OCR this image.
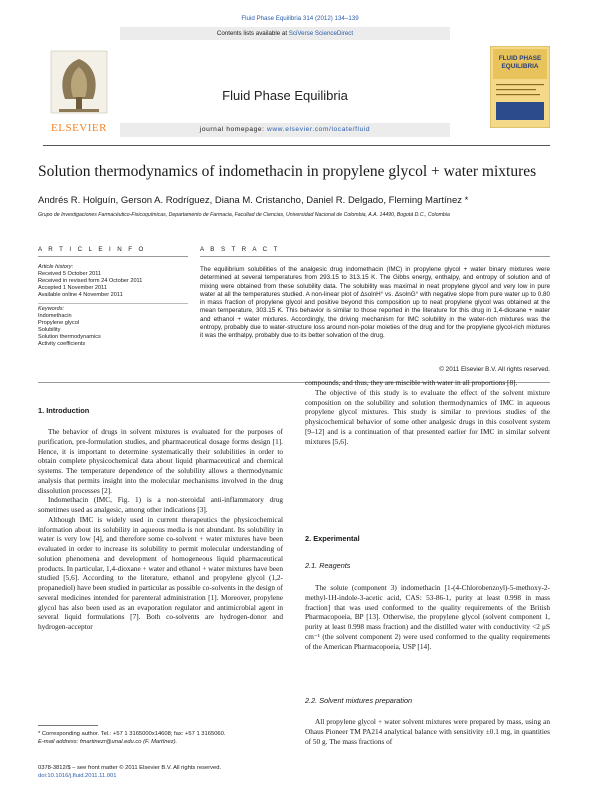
Fluid Phase Equilibria 314 (2012) 134–139
Contents lists available at SciVerse ScienceDirect
ELSEVIER
Fluid Phase Equilibria
journal homepage: www.elsevier.com/locate/fluid
FLUID PHASE
EQUILIBRIA
Solution thermodynamics of indomethacin in propylene glycol + water mixtures
Andrés R. Holguín, Gerson A. Rodríguez, Diana M. Cristancho, Daniel R. Delgado, Fleming Martínez *
Grupo de Investigaciones Farmacéutico-Fisicoquímicas, Departamento de Farmacia, Facultad de Ciencias, Universidad Nacional de Colombia, A.A. 14490, Bogotá D.C., Colombia
A R T I C L E I N F O	A B S T R A C T
Article history:
Received 5 October 2011
Received in revised form 24 October 2011
Accepted 1 November 2011
Available online 4 November 2011
Keywords:
Indomethacin
Propylene glycol
Solubility
Solution thermodynamics
Activity coefficients
The equilibrium solubilities of the analgesic drug indomethacin (IMC) in propylene glycol + water binary mixtures were determined at several temperatures from 293.15 to 313.15 K. The Gibbs energy, enthalpy, and entropy of solution and of mixing were obtained from these solubility data. The solubility was maximal in neat propylene glycol and very low in pure water at all the temperatures studied. A non-linear plot of ΔsolnH° vs. ΔsolnG° with negative slope from pure water up to 0.80 in mass fraction of propylene glycol and positive beyond this composition up to neat propylene glycol was obtained at the mean temperature, 303.15 K. This behavior is similar to those reported in the literature for this drug in 1,4-dioxane + water and ethanol + water mixtures. Accordingly, the driving mechanism for IMC solubility in the water-rich mixtures was the entropy, probably due to water-structure loss around non-polar moieties of the drug and for the propylene glycol-rich mixtures it was the enthalpy, probably due to its better solvation of the drug.
© 2011 Elsevier B.V. All rights reserved.
1. Introduction

The behavior of drugs in solvent mixtures is evaluated for the purposes of purification, pre-formulation studies, and pharmaceutical dosage forms design [1]. Hence, it is important to determine systematically their solubilities in order to obtain complete physicochemical data about liquid pharmaceutical and chemical systems. The temperature dependence of the solubility allows a thermodynamic analysis that permits insight into the molecular mechanisms involved in the drug dissolution processes [2].

Indomethacin (IMC, Fig. 1) is a non-steroidal anti-inflammatory drug sometimes used as analgesic, among other indications [3].

Although IMC is widely used in current therapeutics the physicochemical information about its solubility in aqueous media is not abundant. Its solubility in water is very low [4], and therefore some co-solvent + water mixtures have been evaluated in order to increase its solubility to permit molecular understanding of solution phenomena and development of homogeneous liquid pharmaceutical products. In particular, 1,4-dioxane + water and ethanol + water mixtures have been studied [5,6]. According to the literature, ethanol and propylene glycol (1,2-propanediol) have been studied in particular as possible co-solvents in the design of several medicines intended for parenteral administration [1]. Moreover, propylene glycol has also been used as an evaporation regulator and antimicrobial agent in several liquid formulations [7]. Both co-solvents are hydrogen-donor and hydrogen-acceptor

compounds, and thus, they are miscible with water in all proportions [8].

The objective of this study is to evaluate the effect of the solvent mixture composition on the solubility and solution thermodynamics of IMC in aqueous propylene glycol mixtures. This study is similar to previous studies of the physicochemical behavior of some other analgesic drugs in this cosolvent system [9–12] and is a continuation of that presented earlier for IMC in similar solvent mixtures [5,6].

2. Experimental
2.1. Reagents

The solute (component 3) indomethacin [1-(4-Chlorobenzoyl)-5-methoxy-2-methyl-1H-indole-3-acetic acid, CAS: 53-86-1, purity at least 0.998 in mass fraction] that was used conformed to the quality requirements of the British Pharmacopoeia, BP [13]. Otherwise, the propylene glycol (solvent component 1, purity at least 0.998 mass fraction) and the distilled water with conductivity <2 μS cm⁻¹ (the solvent component 2) were used conformed to the quality requirements of the American Pharmacopoeia, USP [14].

2.2. Solvent mixtures preparation

All propylene glycol + water solvent mixtures were prepared by mass, using an Ohaus Pioneer TM PA214 analytical balance with sensitivity ±0.1 mg, in quantities of 50 g. The mass fractions of

* Corresponding author. Tel.: +57 1 3165000x14608; fax: +57 1 3165060.
E-mail address: fmartinezr@unal.edu.co (F. Martínez).
0378-3812/$ – see front matter © 2011 Elsevier B.V. All rights reserved.
doi:10.1016/j.fluid.2011.11.001
